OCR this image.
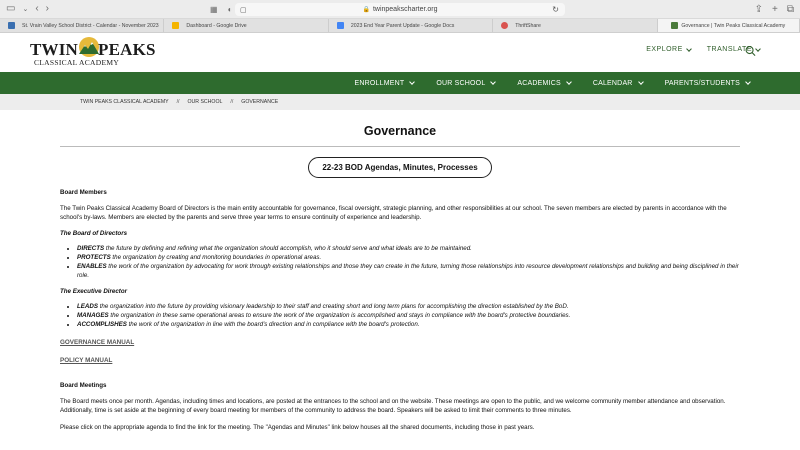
▭ ⌄ ‹ ›	▦ ◐ ▢	🔒 twinpeakscharter.org	↻	⇪ + ⧉
St. Vrain Valley School District - Calendar - November 2023	Dashboard - Google Drive	2023 End Year Parent Update - Google Docs	ThriftShare	Governance | Twin Peaks Classical Academy
TWIN PEAKS
CLASSICAL ACADEMY
EXPLORE	TRANSLATE
ENROLLMENT	OUR SCHOOL	ACADEMICS	CALENDAR	PARENTS/STUDENTS
TWIN PEAKS CLASSICAL ACADEMY // OUR SCHOOL // GOVERNANCE
Governance
22-23 BOD Agendas, Minutes, Processes
Board Members

The Twin Peaks Classical Academy Board of Directors is the main entity accountable for governance, fiscal oversight, strategic planning, and other responsibilities at our school. The seven members are elected by parents in accordance with the school's by-laws. Members are elected by the parents and serve three year terms to ensure continuity of experience and leadership.

The Board of Directors
• DIRECTS the future by defining and refining what the organization should accomplish, who it should serve and what ideals are to be maintained.
• PROTECTS the organization by creating and monitoring boundaries in operational areas.
• ENABLES the work of the organization by advocating for work through existing relationships and those they can create in the future, turning those relationships into resource development relationships and building and being disciplined in their role.
The Executive Director
• LEADS the organization into the future by providing visionary leadership to their staff and creating short and long term plans for accomplishing the direction established by the BoD.
• MANAGES the organization in these same operational areas to ensure the work of the organization is accomplished and stays in compliance with the board's protective boundaries.
• ACCOMPLISHES the work of the organization in line with the board's direction and in compliance with the board's protection.
GOVERNANCE MANUAL
POLICY MANUAL
Board Meetings

The Board meets once per month. Agendas, including times and locations, are posted at the entrances to the school and on the website. These meetings are open to the public, and we welcome community member attendance and observation. Additionally, time is set aside at the beginning of every board meeting for members of the community to address the board. Speakers will be asked to limit their comments to three minutes.

Please click on the appropriate agenda to find the link for the meeting. The "Agendas and Minutes" link below houses all the shared documents, including those in past years.
